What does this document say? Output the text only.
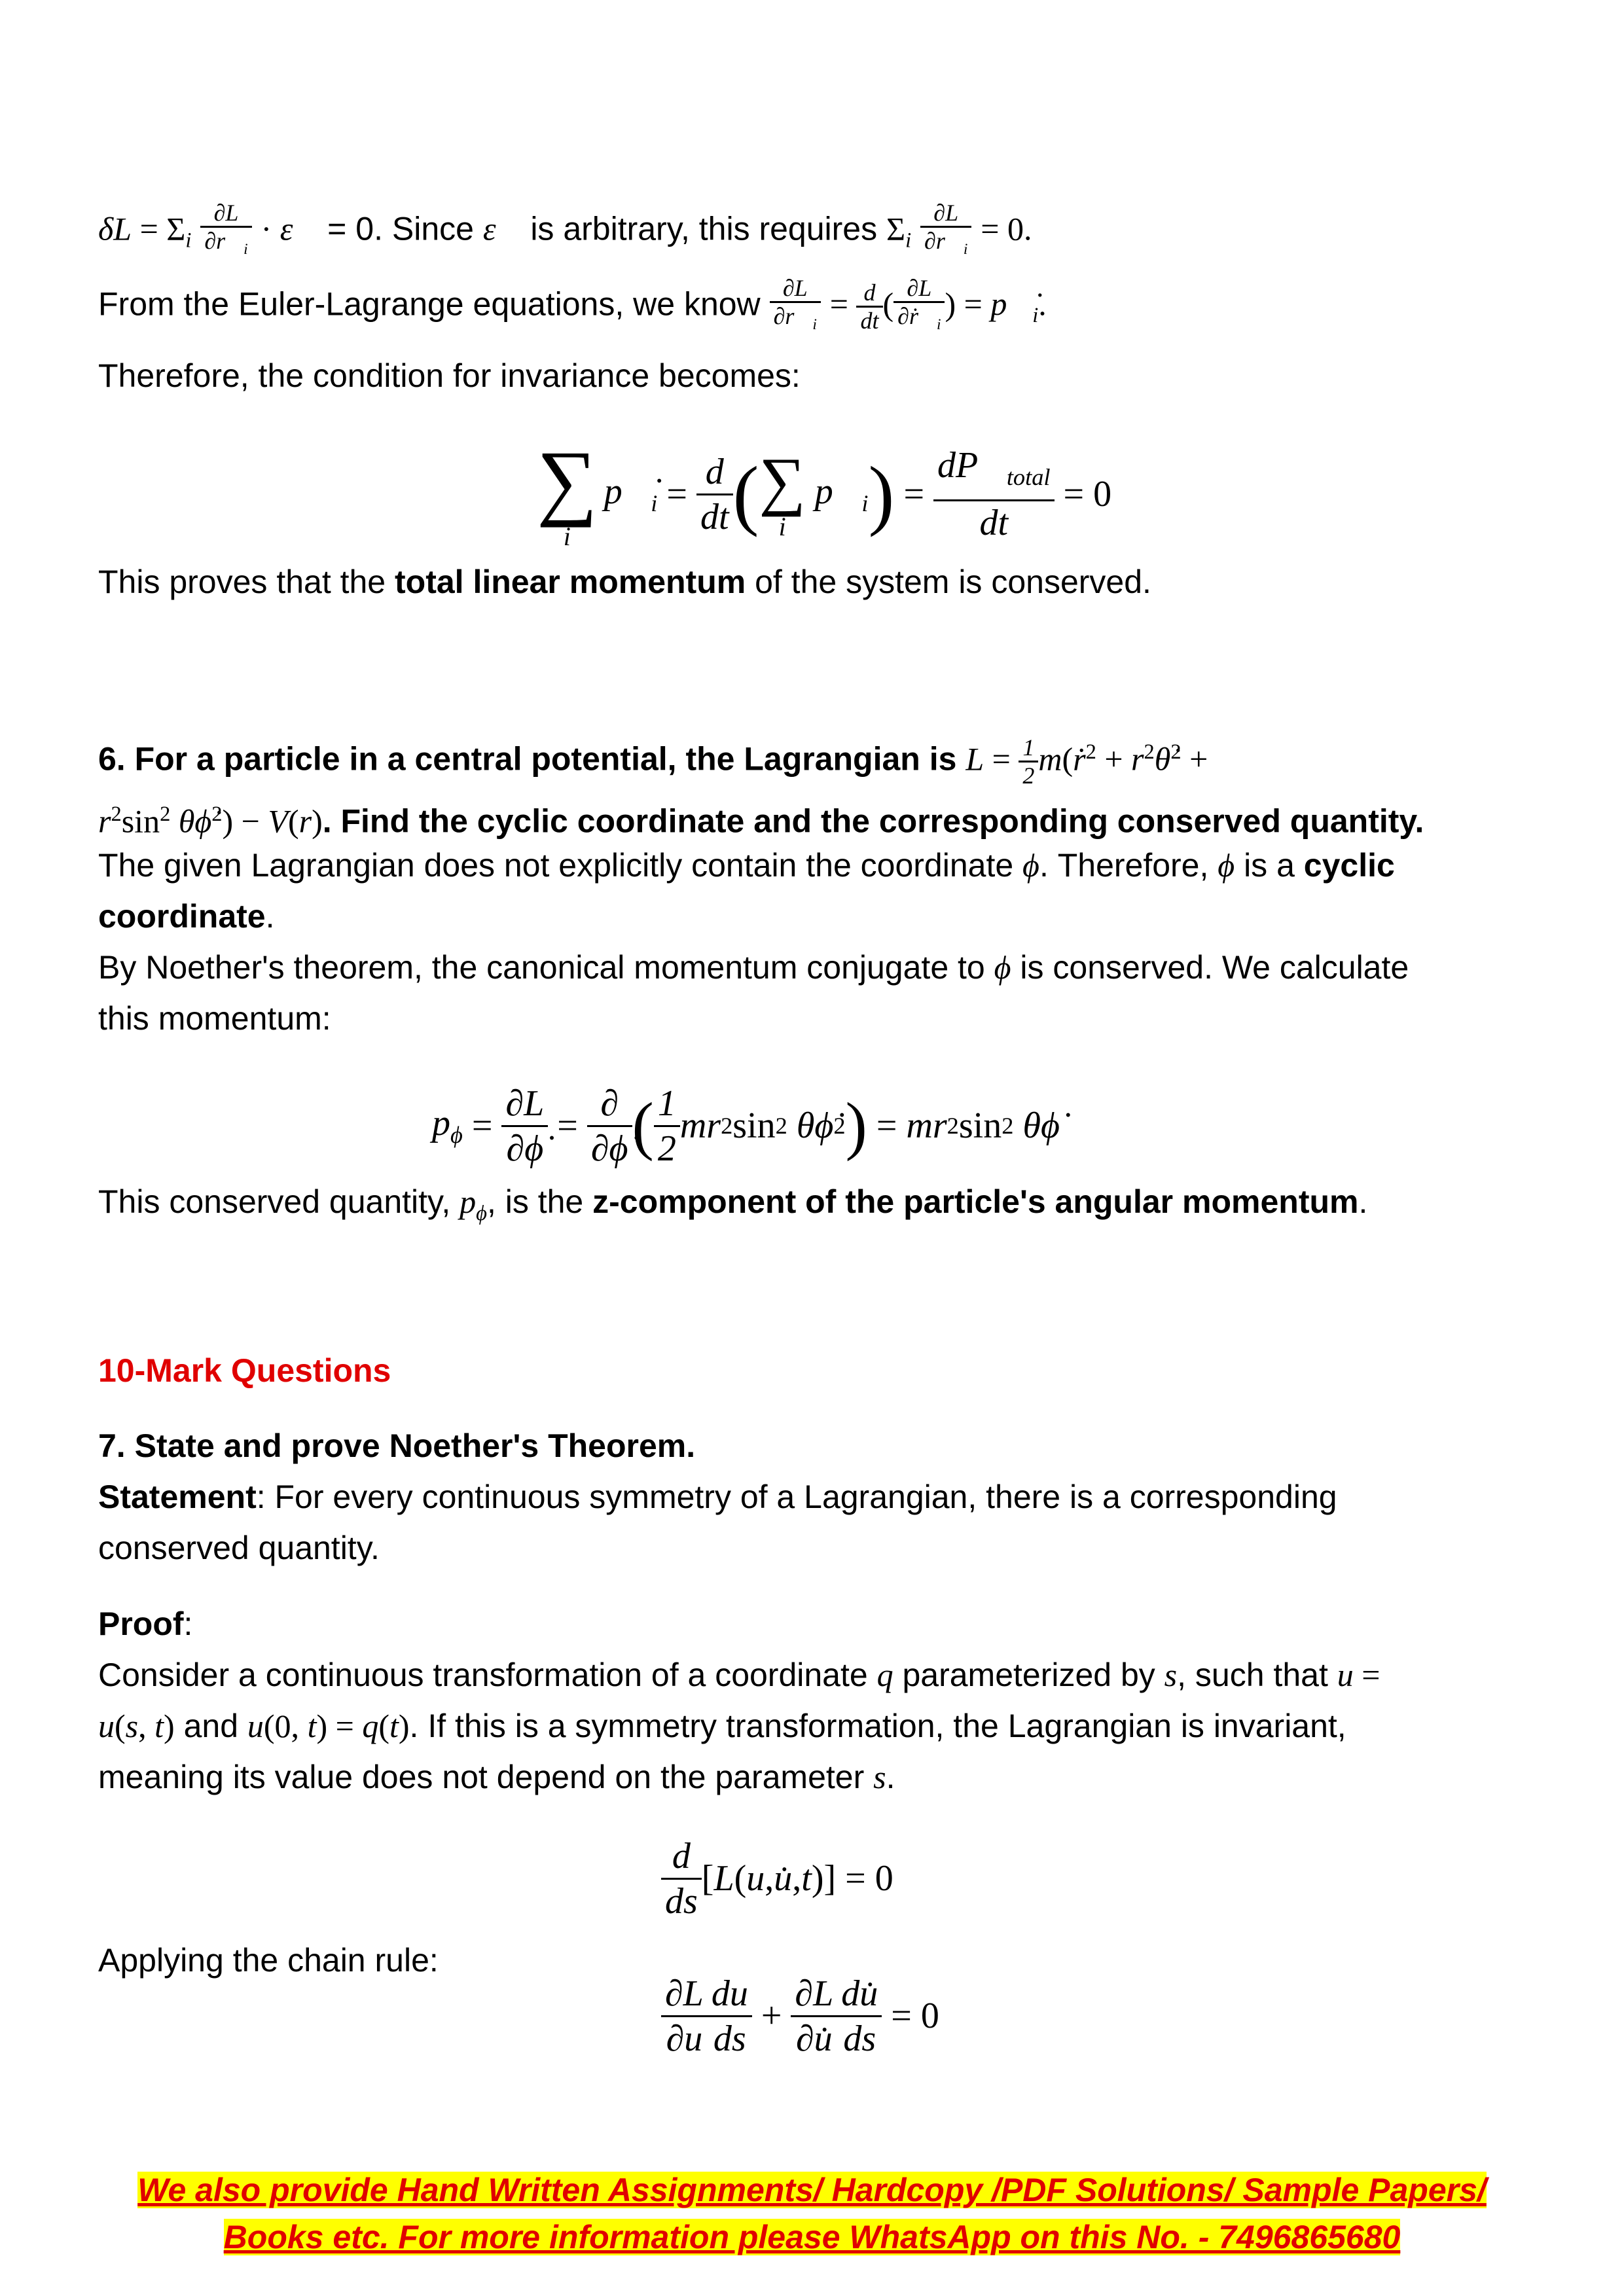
$\delta L = \Sigma_i \frac{\partial L}{\partial r⃗_i}$ · ε⃗ = 0. Since ε⃗ is arbitrary, this requires $\Sigma_i \frac{\partial L}{\partial r⃗_i} = 0$.
From the Euler-Lagrange equations, we know $\frac{\partial L}{\partial r⃗_i} = \frac{d}{dt}$ ( $\frac{\partial L}{\partial ṙ⃗_i}$ ) = $p⃗̇_i$.
Therefore, the condition for invariance becomes:
∑
i
$p⃗̇_i = \frac{d}{dt}$ ( ∑
i
$p⃗_i$ ) = $\frac{dP⃗_{total}}{dt} = 0$
This proves that the total linear momentum of the system is conserved.
6. For a particle in a central potential, the Lagrangian is $L = \frac{1}{2}$ m(ṙ$^2$ + $r^2\thetȧ^2$ +
$r^2\sin^2$ θϕ̇$^2$) − V(r). Find the cyclic coordinate and the corresponding conserved quantity.
The given Lagrangian does not explicitly contain the coordinate ϕ. Therefore, ϕ is a cyclic
coordinate.
By Noether's theorem, the canonical momentum conjugate to ϕ is conserved. We calculate
this momentum:
$p_\phi = \frac{\partial L}{\partial\phi̇} = \frac{\partial}{\partial\phi̇}$ ( $\frac{1}{2}$ mr 2 sin 2 θϕ̇ 2 ) = mr 2 sin 2 θϕ̇
This conserved quantity, $p_\phi$, is the z-component of the particle's angular momentum.
10-Mark Questions
7. State and prove Noether's Theorem.
Statement: For every continuous symmetry of a Lagrangian, there is a corresponding
conserved quantity.
Proof:
Consider a continuous transformation of a coordinate q parameterized by s, such that u =
u(s, t) and u(0, t) = q(t). If this is a symmetry transformation, the Lagrangian is invariant,
meaning its value does not depend on the parameter s.
$\frac{d}{ds}$ [ L ( u , u̇ , t )] = 0
Applying the chain rule:
$\frac{\partial L}{\partial u} \frac{du}{ds} + \frac{\partial L}{\partial u̇} \frac{du̇}{ds} = 0$
We also provide Hand Written Assignments/ Hardcopy /PDF Solutions/ Sample Papers/
Books etc. For more information please WhatsApp on this No. - 7496865680
